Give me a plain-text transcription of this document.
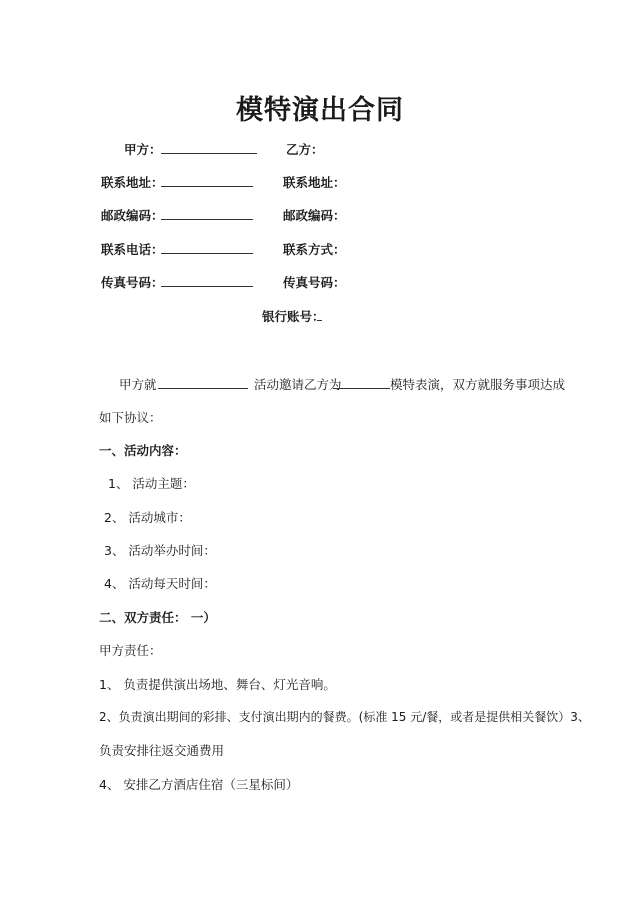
模特演出合同
甲方：	乙方：
联系地址：	联系地址：
邮政编码：	邮政编码：
联系电话：	联系方式：
传真号码：	传真号码：
银行账号：
甲方就	活动邀请乙方为	模特表演，双方就服务事项达成
如下协议：
一、活动内容：
1、 活动主题：
2、 活动城市：
3、 活动举办时间：
4、 活动每天时间：
二、双方责任： 一）
甲方责任：
1、 负责提供演出场地、舞台、灯光音响。
2、负责演出期间的彩排、支付演出期内的餐费。(标准 15 元/餐，或者是提供相关餐饮）3、
负责安排往返交通费用
4、 安排乙方酒店住宿（三星标间）
